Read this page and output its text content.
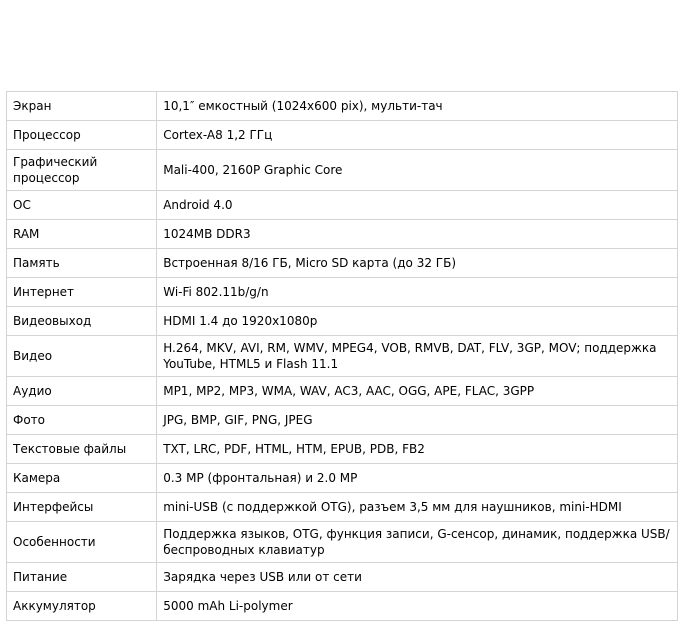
Экран	10,1″ емкостный (1024x600 pix), мульти-тач
Процессор	Cortex-A8 1,2 ГГц
Графический процессор	Mali-400, 2160P Graphic Core
ОС	Android 4.0
RAM	1024MB DDR3
Память	Встроенная 8/16 ГБ, Micro SD карта (до 32 ГБ)
Интернет	Wi-Fi 802.11b/g/n
Видеовыход	HDMI 1.4 до 1920x1080p
Видео	H.264, MKV, AVI, RM, WMV, MPEG4, VOB, RMVB, DAT, FLV, 3GP, MOV; поддержка YouTube, HTML5 и Flash 11.1
Аудио	MP1, MP2, MP3, WMA, WAV, AC3, AAC, OGG, APE, FLAC, 3GPP
Фото	JPG, BMP, GIF, PNG, JPEG
Текстовые файлы	TXT, LRC, PDF, HTML, HTM, EPUB, PDB, FB2
Камера	0.3 MP (фронтальная) и 2.0 MP
Интерфейсы	mini-USB (с поддержкой OTG), разъем 3,5 мм для наушников, mini-HDMI
Особенности	Поддержка языков, OTG, функция записи, G-сенсор, динамик, поддержка USB/беспроводных клавиатур
Питание	Зарядка через USB или от сети
Аккумулятор	5000 mAh Li-polymer
